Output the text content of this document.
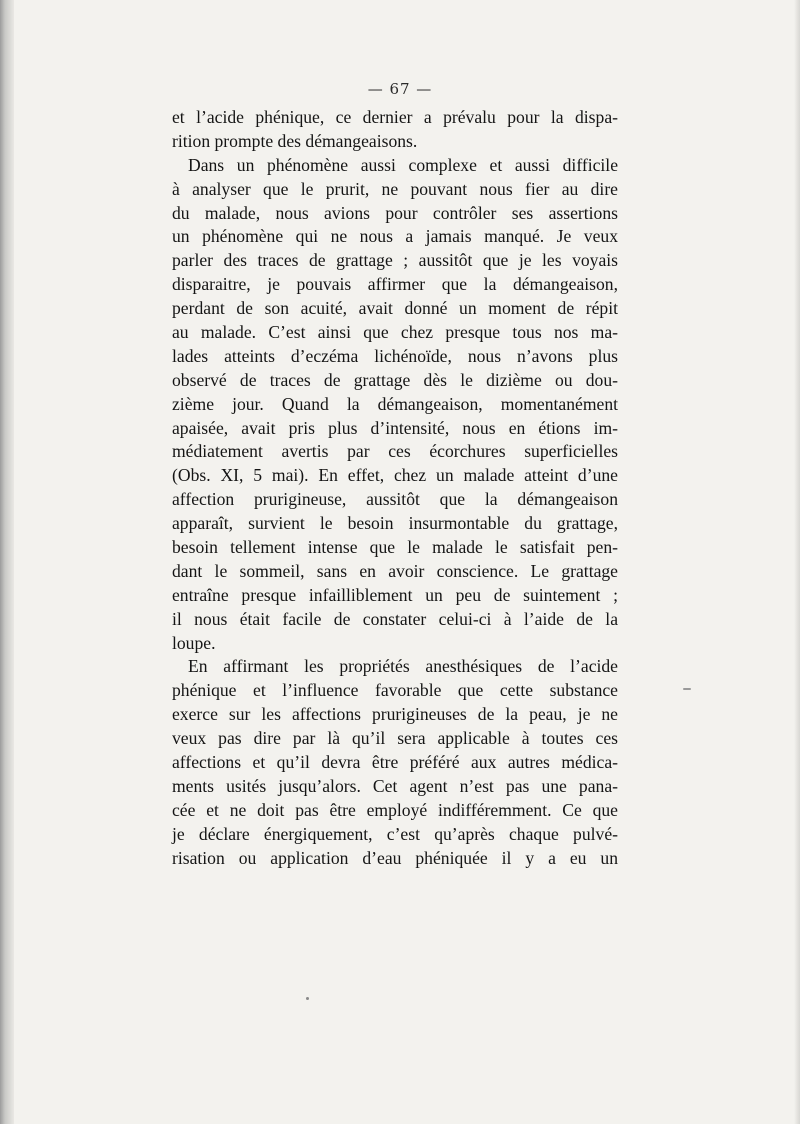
— 67 —
et l’acide phénique, ce dernier a prévalu pour la dispa-
rition prompte des démangeaisons.
Dans un phénomène aussi complexe et aussi difficile
à analyser que le prurit, ne pouvant nous fier au dire
du malade, nous avions pour contrôler ses assertions
un phénomène qui ne nous a jamais manqué. Je veux
parler des traces de grattage ; aussitôt que je les voyais
disparaitre, je pouvais affirmer que la démangeaison,
perdant de son acuité, avait donné un moment de répit
au malade. C’est ainsi que chez presque tous nos ma-
lades atteints d’eczéma lichénoïde, nous n’avons plus
observé de traces de grattage dès le dizième ou dou-
zième jour. Quand la démangeaison, momentanément
apaisée, avait pris plus d’intensité, nous en étions im-
médiatement avertis par ces écorchures superficielles
(Obs. XI, 5 mai). En effet, chez un malade atteint d’une
affection prurigineuse, aussitôt que la démangeaison
apparaît, survient le besoin insurmontable du grattage,
besoin tellement intense que le malade le satisfait pen-
dant le sommeil, sans en avoir conscience. Le grattage
entraîne presque infailliblement un peu de suintement ;
il nous était facile de constater celui-ci à l’aide de la
loupe.
En affirmant les propriétés anesthésiques de l’acide
phénique et l’influence favorable que cette substance
exerce sur les affections prurigineuses de la peau, je ne
veux pas dire par là qu’il sera applicable à toutes ces
affections et qu’il devra être préféré aux autres médica-
ments usités jusqu’alors. Cet agent n’est pas une pana-
cée et ne doit pas être employé indifféremment. Ce que
je déclare énergiquement, c’est qu’après chaque pulvé-
risation ou application d’eau phéniquée il y a eu un
